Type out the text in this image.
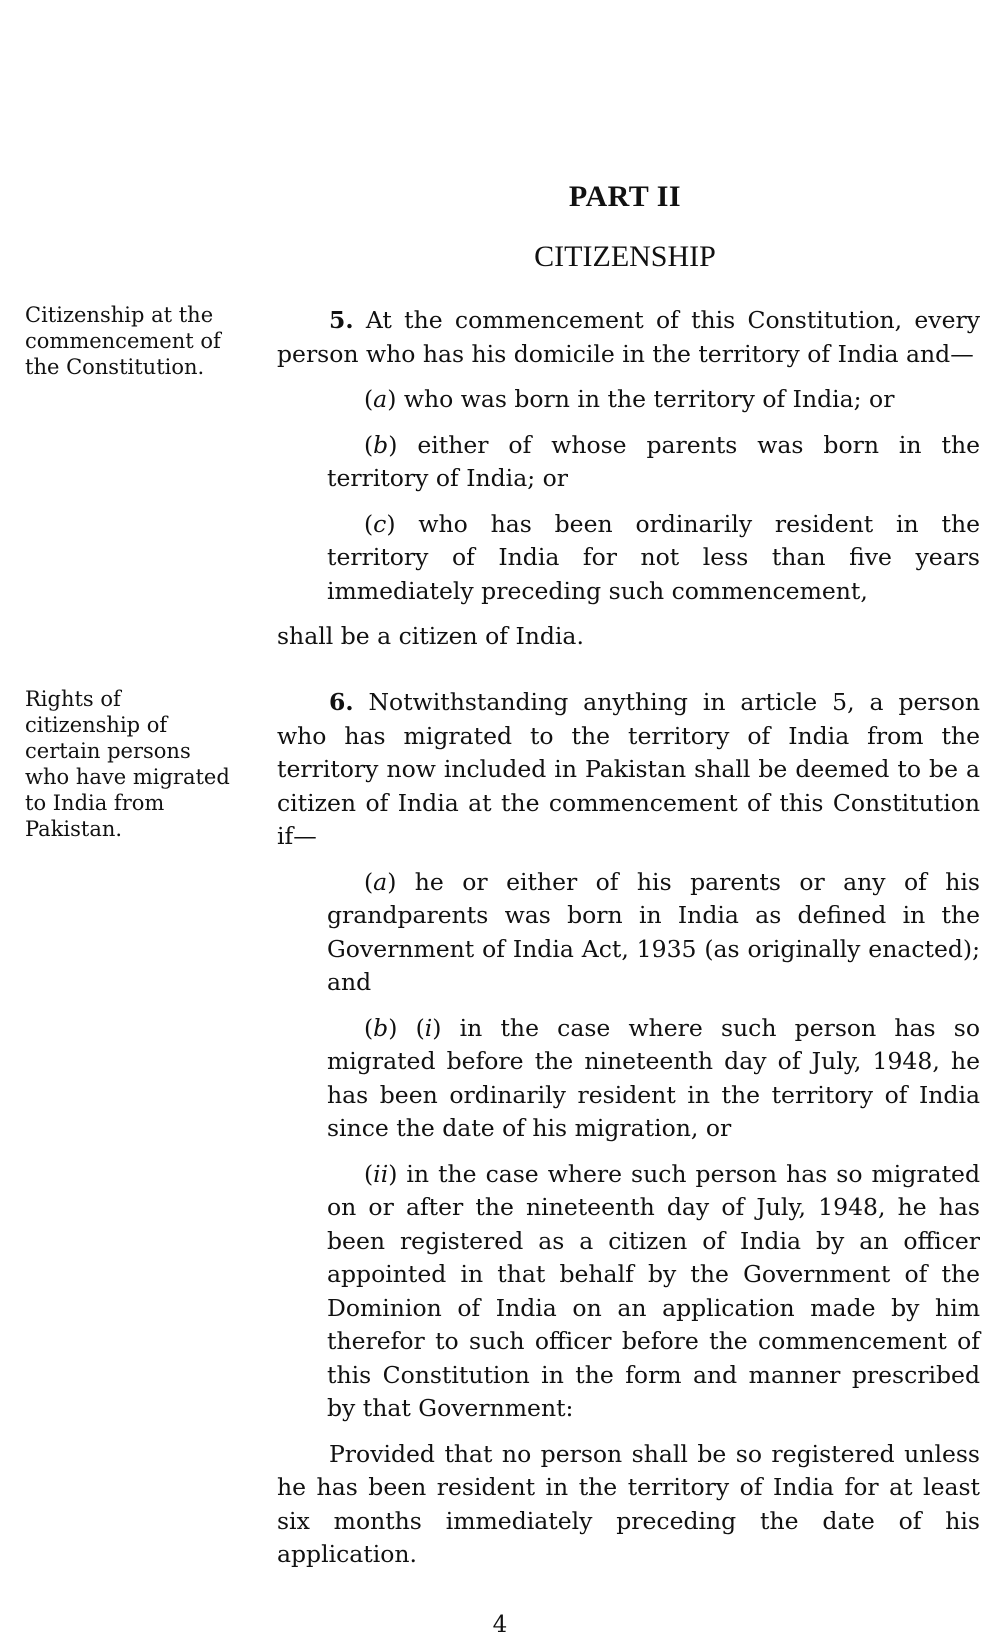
PART II
CITIZENSHIP
Citizenship at the commencement of the Constitution.
Rights of citizenship of certain persons who have migrated to India from Pakistan.

5. At the commencement of this Constitution, every person who has his domicile in the territory of India and—

(a) who was born in the territory of India; or

(b) either of whose parents was born in the territory of India; or

(c) who has been ordinarily resident in the territory of India for not less than five years immediately preceding such commencement,

shall be a citizen of India.

6. Notwithstanding anything in article 5, a person who has migrated to the territory of India from the territory now included in Pakistan shall be deemed to be a citizen of India at the commencement of this Constitution if—

(a) he or either of his parents or any of his grandparents was born in India as defined in the Government of India Act, 1935 (as originally enacted); and

(b) (i) in the case where such person has so migrated before the nineteenth day of July, 1948, he has been ordinarily resident in the territory of India since the date of his migration, or

(ii) in the case where such person has so migrated on or after the nineteenth day of July, 1948, he has been registered as a citizen of India by an officer appointed in that behalf by the Government of the Dominion of India on an application made by him therefor to such officer before the commencement of this Constitution in the form and manner prescribed by that Government:

Provided that no person shall be so registered unless he has been resident in the territory of India for at least six months immediately preceding the date of his application.

4
